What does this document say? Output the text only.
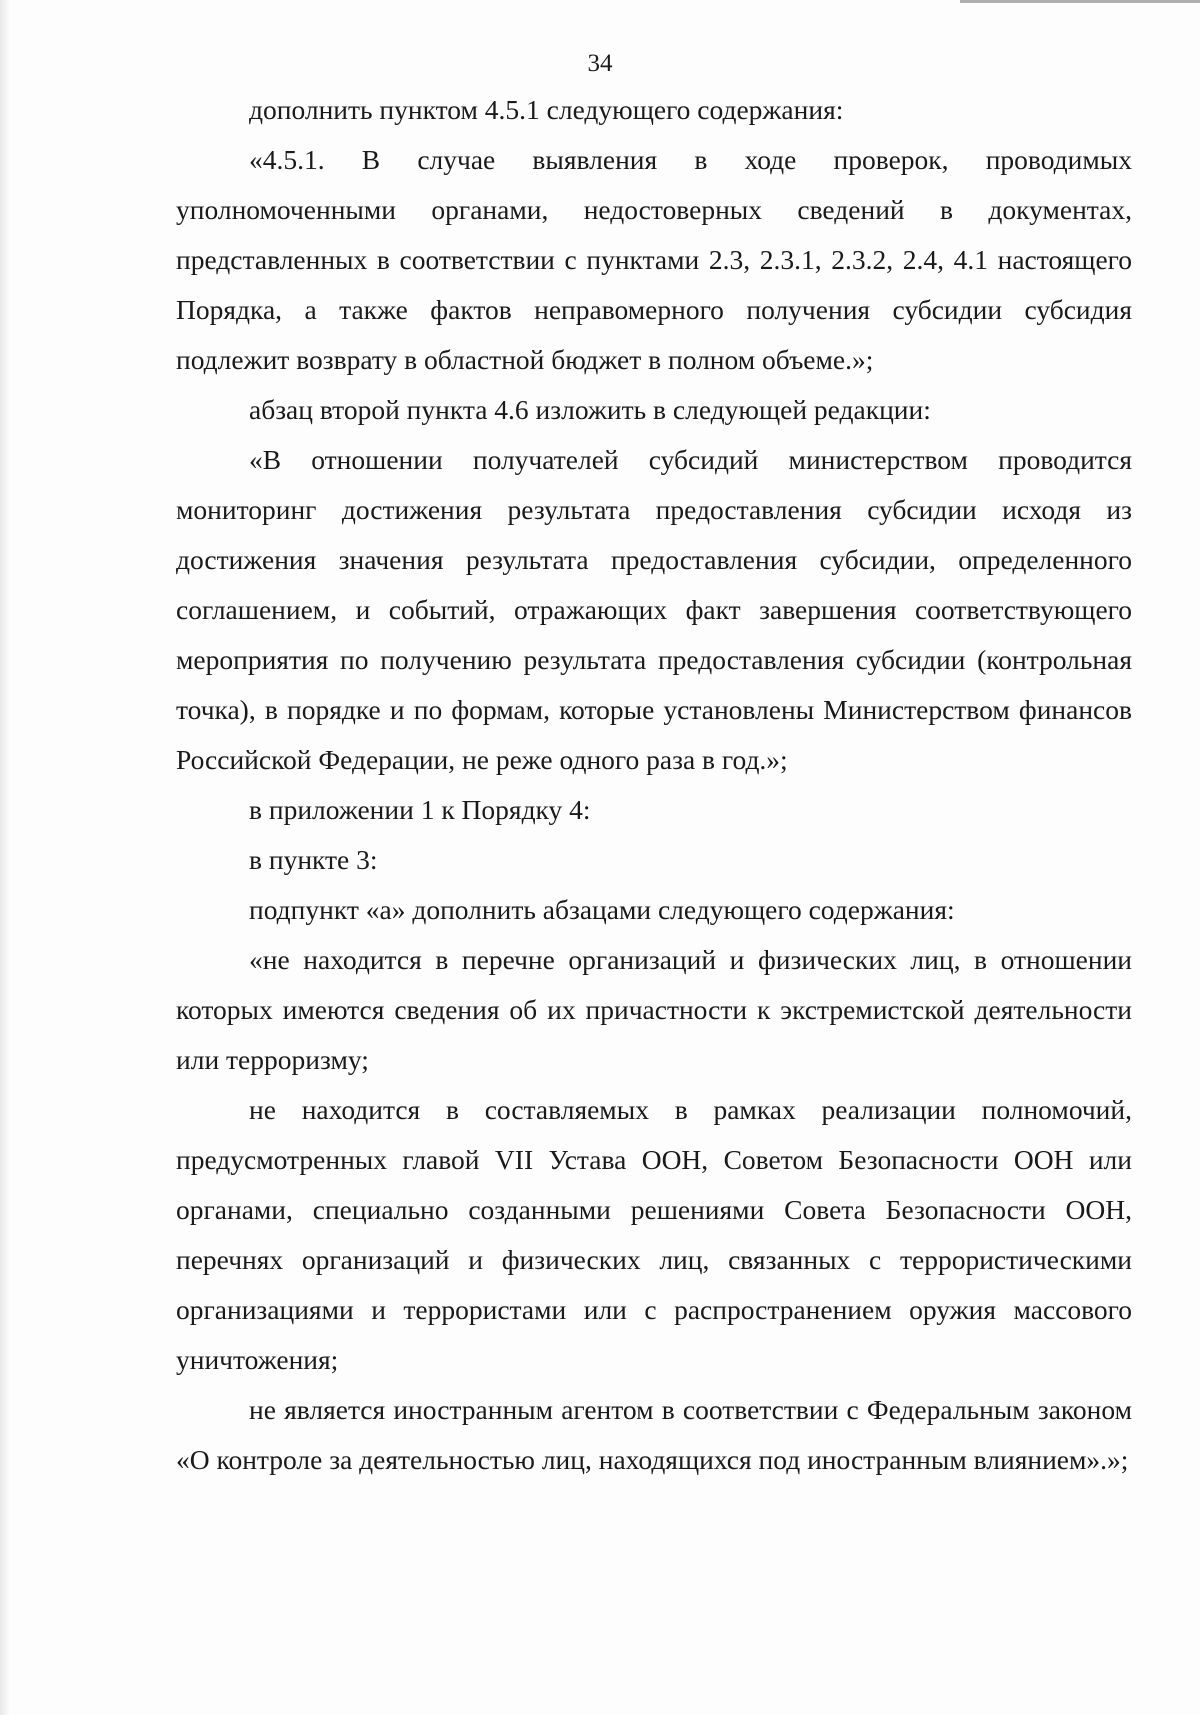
34

дополнить пунктом 4.5.1 следующего содержания:

«4.5.1. В случае выявления в ходе проверок, проводимых уполномоченными органами, недостоверных сведений в документах, представленных в соответствии с пунктами 2.3, 2.3.1, 2.3.2, 2.4, 4.1 настоящего Порядка, а также фактов неправомерного получения субсидии субсидия подлежит возврату в областной бюджет в полном объеме.»;

абзац второй пункта 4.6 изложить в следующей редакции:

«В отношении получателей субсидий министерством проводится мониторинг достижения результата предоставления субсидии исходя из достижения значения результата предоставления субсидии, определенного соглашением, и событий, отражающих факт завершения соответствующего мероприятия по получению результата предоставления субсидии (контрольная точка), в порядке и по формам, которые установлены Министерством финансов Российской Федерации, не реже одного раза в год.»;

в приложении 1 к Порядку 4:

в пункте 3:

подпункт «а» дополнить абзацами следующего содержания:

«не находится в перечне организаций и физических лиц, в отношении которых имеются сведения об их причастности к экстремистской деятельности или терроризму;

не находится в составляемых в рамках реализации полномочий, предусмотренных главой VII Устава ООН, Советом Безопасности ООН или органами, специально созданными решениями Совета Безопасности ООН, перечнях организаций и физических лиц, связанных с террористическими организациями и террористами или с распространением оружия массового уничтожения;

не является иностранным агентом в соответствии с Федеральным законом «О контроле за деятельностью лиц, находящихся под иностранным влиянием».»;
